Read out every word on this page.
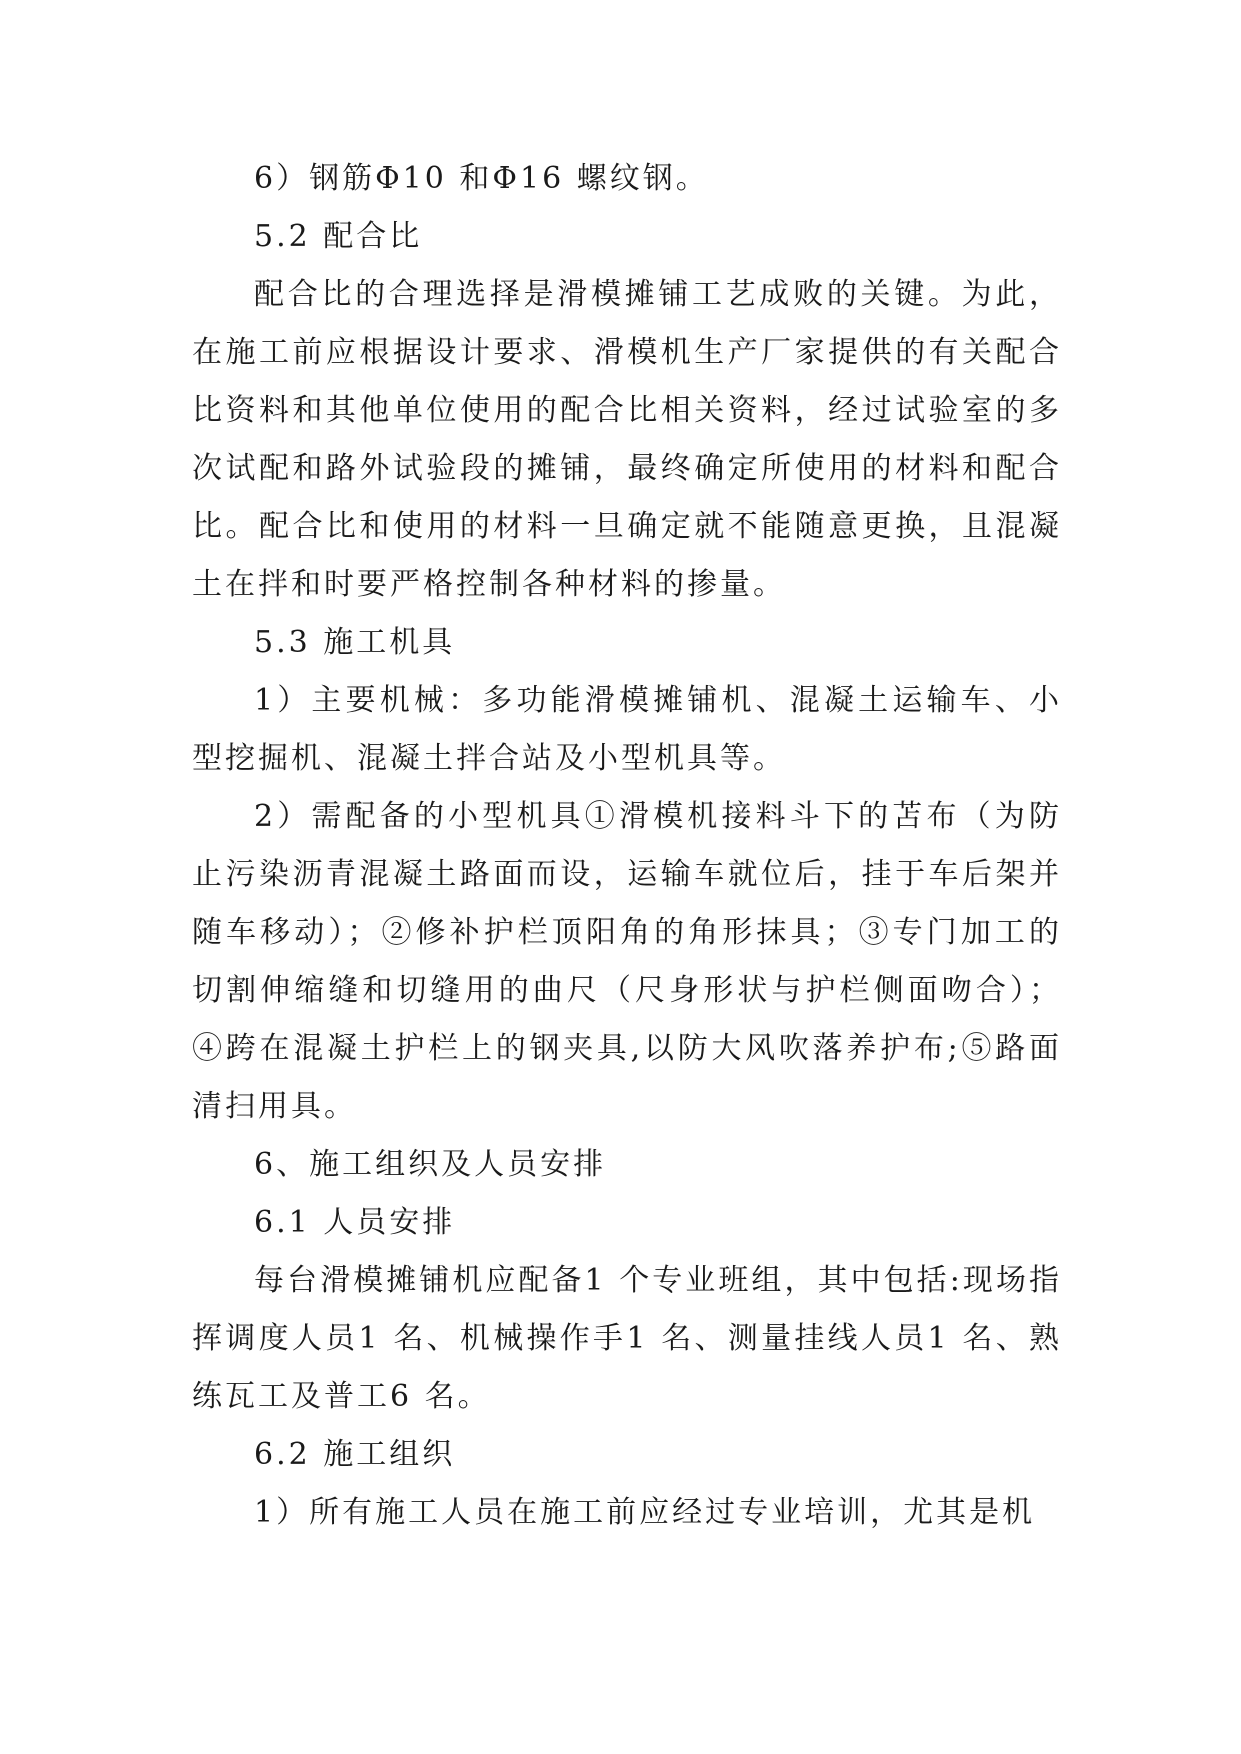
6）钢筋Φ10 和Φ16 螺纹钢。

5.2 配合比

配合比的合理选择是滑模摊铺工艺成败的关键。为此，在施工前应根据设计要求、滑模机生产厂家提供的有关配合比资料和其他单位使用的配合比相关资料，经过试验室的多次试配和路外试验段的摊铺，最终确定所使用的材料和配合比。配合比和使用的材料一旦确定就不能随意更换，且混凝土在拌和时要严格控制各种材料的掺量。

5.3 施工机具

1）主要机械：多功能滑模摊铺机、混凝土运输车、小型挖掘机、混凝土拌合站及小型机具等。

2）需配备的小型机具①滑模机接料斗下的苫布（为防止污染沥青混凝土路面而设，运输车就位后，挂于车后架并随车移动）；②修补护栏顶阳角的角形抹具；③专门加工的切割伸缩缝和切缝用的曲尺（尺身形状与护栏侧面吻合）；④跨在混凝土护栏上的钢夹具,以防大风吹落养护布;⑤路面清扫用具。

6、施工组织及人员安排

6.1 人员安排

每台滑模摊铺机应配备1 个专业班组，其中包括:现场指挥调度人员1 名、机械操作手1 名、测量挂线人员1 名、熟练瓦工及普工6 名。

6.2 施工组织

1）所有施工人员在施工前应经过专业培训，尤其是机
